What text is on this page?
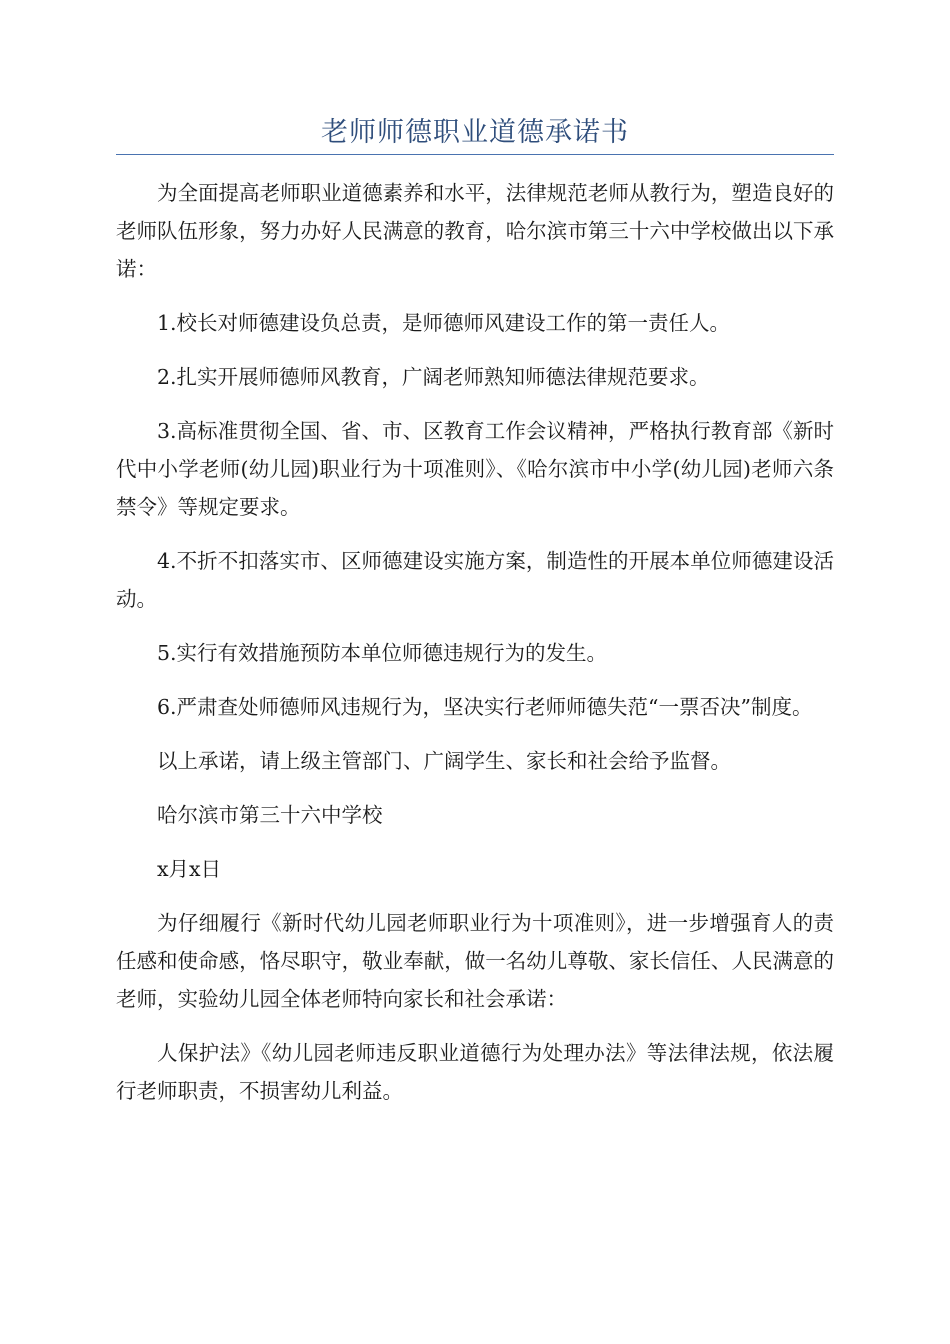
老师师德职业道德承诺书

为全面提高老师职业道德素养和水平，法律规范老师从教行为，塑造良好的老师队伍形象，努力办好人民满意的教育，哈尔滨市第三十六中学校做出以下承诺：

1.校长对师德建设负总责，是师德师风建设工作的第一责任人。

2.扎实开展师德师风教育，广阔老师熟知师德法律规范要求。

3.高标准贯彻全国、省、市、区教育工作会议精神，严格执行教育部《新时代中小学老师(幼儿园)职业行为十项准则》、《哈尔滨市中小学(幼儿园)老师六条禁令》等规定要求。

4.不折不扣落实市、区师德建设实施方案，制造性的开展本单位师德建设活动。

5.实行有效措施预防本单位师德违规行为的发生。

6.严肃查处师德师风违规行为，坚决实行老师师德失范“一票否决”制度。

以上承诺，请上级主管部门、广阔学生、家长和社会给予监督。

哈尔滨市第三十六中学校

x月x日

为仔细履行《新时代幼儿园老师职业行为十项准则》，进一步增强育人的责任感和使命感，恪尽职守，敬业奉献，做一名幼儿尊敬、家长信任、人民满意的老师，实验幼儿园全体老师特向家长和社会承诺：

人保护法》《幼儿园老师违反职业道德行为处理办法》等法律法规，依法履行老师职责，不损害幼儿利益。
